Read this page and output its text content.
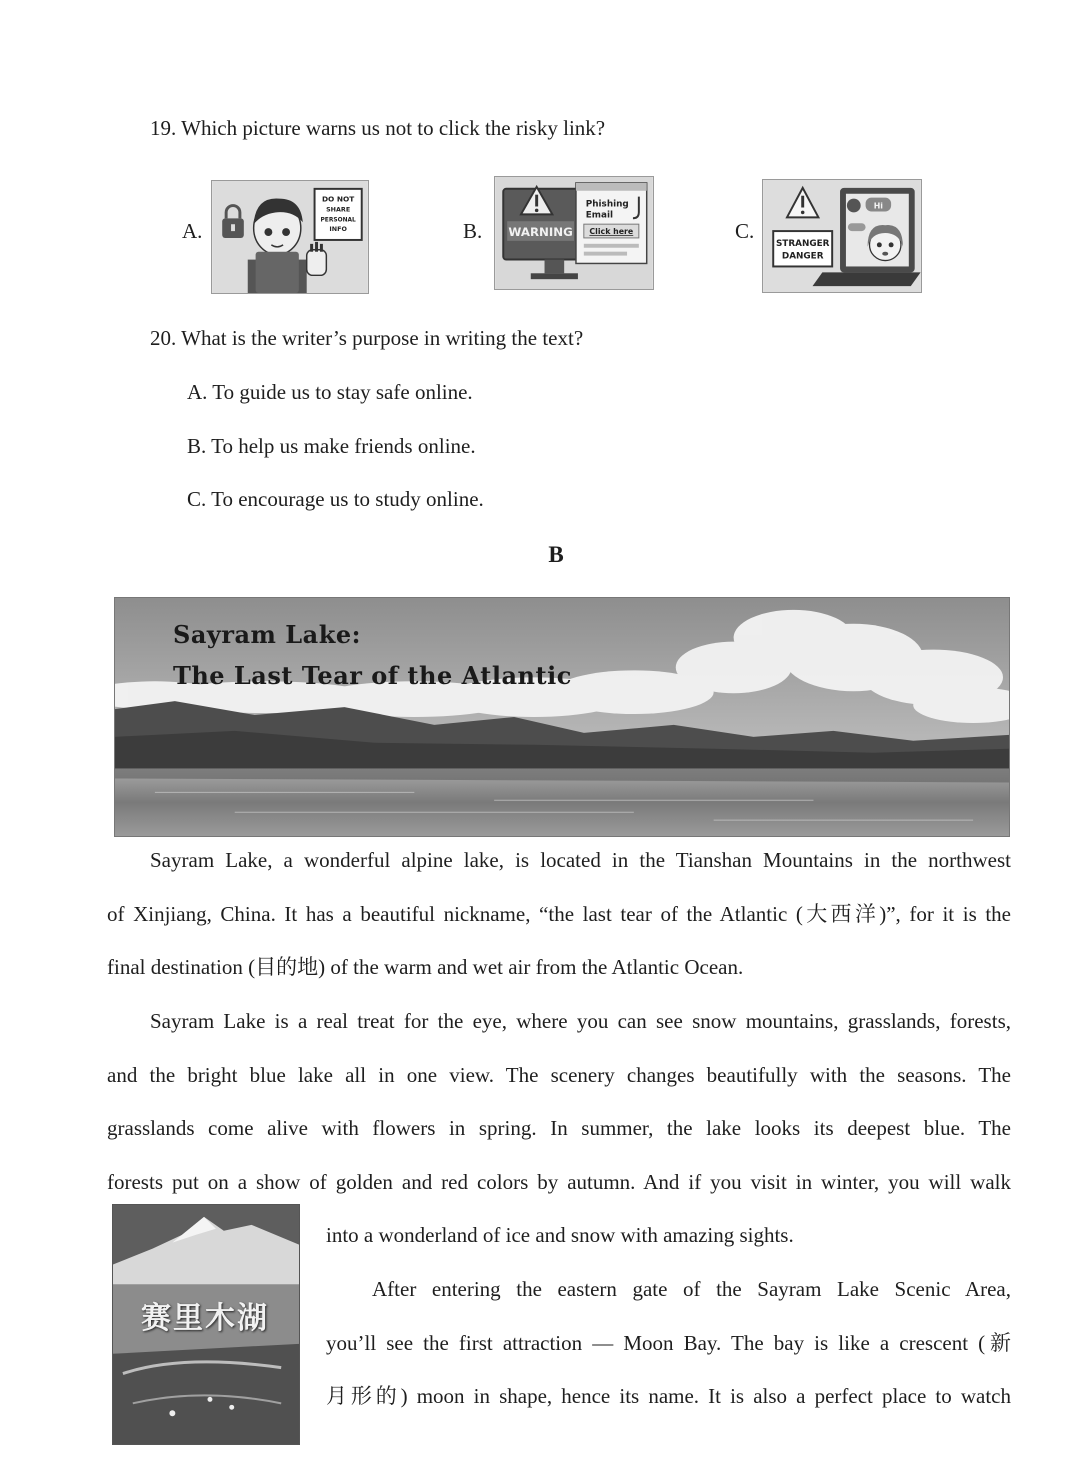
19. Which picture warns us not to click the risky link?
A.
DO NOT
SHARE
PERSONAL
INFO	B. WARNING
Phishing
Email
Click here	C.
Hi
STRANGER
DANGER
20. What is the writer’s purpose in writing the text?
A. To guide us to stay safe online.
B. To help us make friends online.
C. To encourage us to study online.
B
Sayram Lake:
The Last Tear of the Atlantic
Sayram Lake, a wonderful alpine lake, is located in the Tianshan Mountains in the northwest
of Xinjiang, China. It has a beautiful nickname, “the last tear of the Atlantic (大西洋)”, for it is the
final destination (目的地) of the warm and wet air from the Atlantic Ocean.
Sayram Lake is a real treat for the eye, where you can see snow mountains, grasslands, forests,
and the bright blue lake all in one view. The scenery changes beautifully with the seasons. The
grasslands come alive with flowers in spring. In summer, the lake looks its deepest blue. The
forests put on a show of golden and red colors by autumn. And if you visit in winter, you will walk
into a wonderland of ice and snow with amazing sights.
After entering the eastern gate of the Sayram Lake Scenic Area,
you’ll see the first attraction — Moon Bay. The bay is like a crescent (新
月形的) moon in shape, hence its name. It is also a perfect place to watch
赛里木湖
